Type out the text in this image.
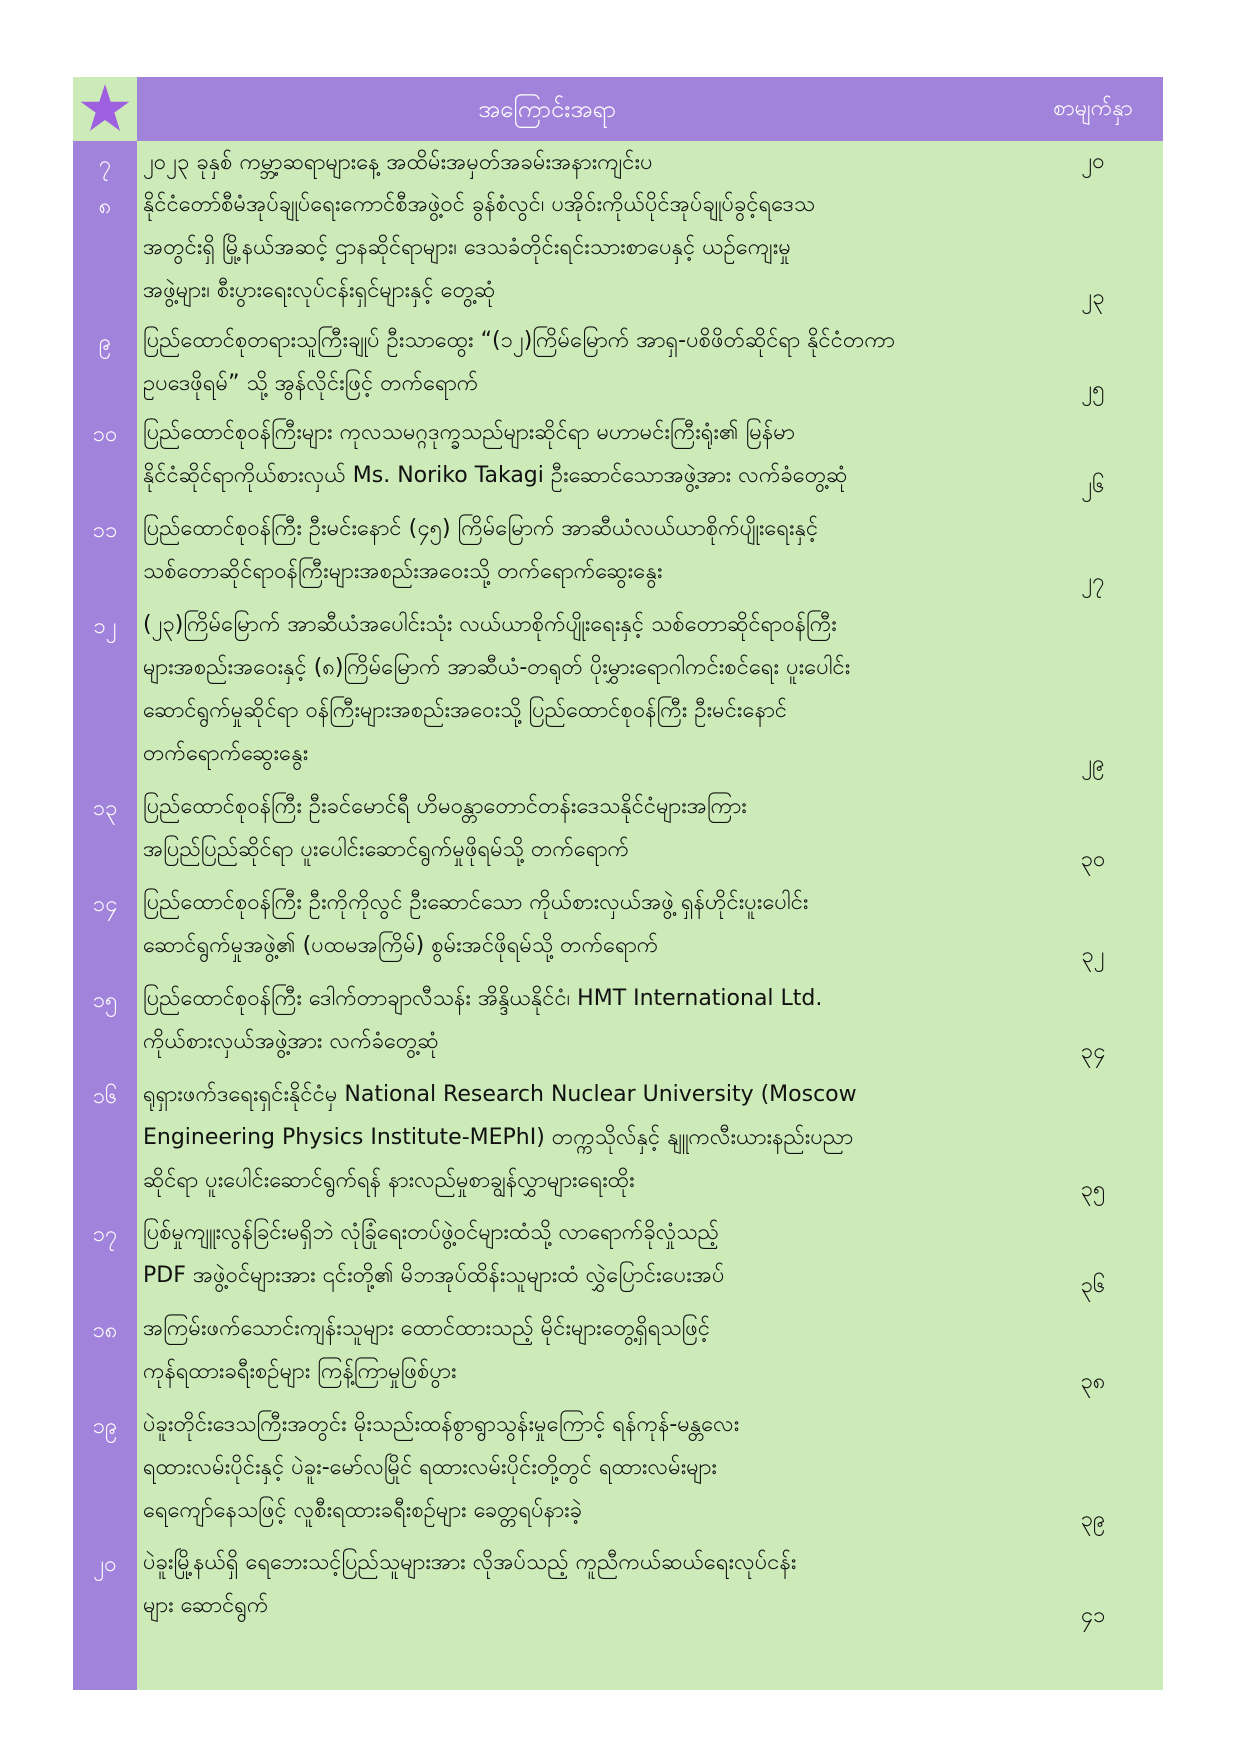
အကြောင်းအရာ	စာမျက်နှာ
၇	၂၀၂၃ ခုနှစ် ကမ္ဘာ့ဆရာများနေ့ အထိမ်းအမှတ်အခမ်းအနားကျင်းပ	၂၀
၈	နိုင်ငံတော်စီမံအုပ်ချုပ်ရေးကောင်စီအဖွဲ့ဝင် ခွန်စံလွင်၊ ပအိုဝ်းကိုယ်ပိုင်အုပ်ချုပ်ခွင့်ရဒေသ
အတွင်းရှိ မြို့နယ်အဆင့် ဌာနဆိုင်ရာများ၊ ဒေသခံတိုင်းရင်းသားစာပေနှင့် ယဉ်ကျေးမှု
အဖွဲ့များ၊ စီးပွားရေးလုပ်ငန်းရှင်များနှင့် တွေ့ဆုံ	၂၃
၉	ပြည်ထောင်စုတရားသူကြီးချုပ် ဦးသာထွေး “(၁၂)ကြိမ်မြောက် အာရှ-ပစိဖိတ်ဆိုင်ရာ နိုင်ငံတကာ
ဥပဒေဖိုရမ်” သို့ အွန်လိုင်းဖြင့် တက်ရောက်	၂၅
၁၀	ပြည်ထောင်စုဝန်ကြီးများ ကုလသမဂ္ဂဒုက္ခသည်များဆိုင်ရာ မဟာမင်းကြီးရုံး၏ မြန်မာ
နိုင်ငံဆိုင်ရာကိုယ်စားလှယ် Ms. Noriko Takagi ဦးဆောင်သောအဖွဲ့အား လက်ခံတွေ့ဆုံ	၂၆
၁၁	ပြည်ထောင်စုဝန်ကြီး ဦးမင်းနောင် (၄၅) ကြိမ်မြောက် အာဆီယံလယ်ယာစိုက်ပျိုးရေးနှင့်
သစ်တောဆိုင်ရာဝန်ကြီးများအစည်းအဝေးသို့ တက်ရောက်ဆွေးနွေး	၂၇
၁၂	(၂၃)ကြိမ်မြောက် အာဆီယံအပေါင်းသုံး လယ်ယာစိုက်ပျိုးရေးနှင့် သစ်တောဆိုင်ရာဝန်ကြီး
များအစည်းအဝေးနှင့် (၈)ကြိမ်မြောက် အာဆီယံ-တရုတ် ပိုးမွှားရောဂါကင်းစင်ရေး ပူးပေါင်း
ဆောင်ရွက်မှုဆိုင်ရာ ဝန်ကြီးများအစည်းအဝေးသို့ ပြည်ထောင်စုဝန်ကြီး ဦးမင်းနောင်
တက်ရောက်ဆွေးနွေး	၂၉
၁၃	ပြည်ထောင်စုဝန်ကြီး ဦးခင်မောင်ရီ ဟိမဝန္တာတောင်တန်းဒေသနိုင်ငံများအကြား
အပြည်ပြည်ဆိုင်ရာ ပူးပေါင်းဆောင်ရွက်မှုဖိုရမ်သို့ တက်ရောက်	၃၀
၁၄	ပြည်ထောင်စုဝန်ကြီး ဦးကိုကိုလွင် ဦးဆောင်သော ကိုယ်စားလှယ်အဖွဲ့ ရှန်ဟိုင်းပူးပေါင်း
ဆောင်ရွက်မှုအဖွဲ့၏ (ပထမအကြိမ်) စွမ်းအင်ဖိုရမ်သို့ တက်ရောက်	၃၂
၁၅	ပြည်ထောင်စုဝန်ကြီး ဒေါက်တာချာလီသန်း အိန္ဒိယနိုင်ငံ၊ HMT International Ltd.
ကိုယ်စားလှယ်အဖွဲ့အား လက်ခံတွေ့ဆုံ	၃၄
၁၆	ရုရှားဖက်ဒရေးရှင်းနိုင်ငံမှ National Research Nuclear University (Moscow
Engineering Physics Institute-MEPhI) တက္ကသိုလ်နှင့် နျူကလီးယားနည်းပညာ
ဆိုင်ရာ ပူးပေါင်းဆောင်ရွက်ရန် နားလည်မှုစာချွန်လွှာများရေးထိုး	၃၅
၁၇	ပြစ်မှုကျူးလွန်ခြင်းမရှိဘဲ လုံခြုံရေးတပ်ဖွဲ့ဝင်များထံသို့ လာရောက်ခိုလှုံသည့်
PDF အဖွဲ့ဝင်များအား ၎င်းတို့၏ မိဘအုပ်ထိန်းသူများထံ လွှဲပြောင်းပေးအပ်	၃၆
၁၈	အကြမ်းဖက်သောင်းကျန်းသူများ ထောင်ထားသည့် မိုင်းများတွေ့ရှိရသဖြင့်
ကုန်ရထားခရီးစဉ်များ ကြန့်ကြာမှုဖြစ်ပွား	၃၈
၁၉	ပဲခူးတိုင်းဒေသကြီးအတွင်း မိုးသည်းထန်စွာရွာသွန်းမှုကြောင့် ရန်ကုန်-မန္တလေး
ရထားလမ်းပိုင်းနှင့် ပဲခူး-မော်လမြိုင် ရထားလမ်းပိုင်းတို့တွင် ရထားလမ်းများ
ရေကျော်နေသဖြင့် လူစီးရထားခရီးစဉ်များ ခေတ္တရပ်နားခဲ့	၃၉
၂၀	ပဲခူးမြို့နယ်ရှိ ရေဘေးသင့်ပြည်သူများအား လိုအပ်သည့် ကူညီကယ်ဆယ်ရေးလုပ်ငန်း
များ ဆောင်ရွက်	၄၁
